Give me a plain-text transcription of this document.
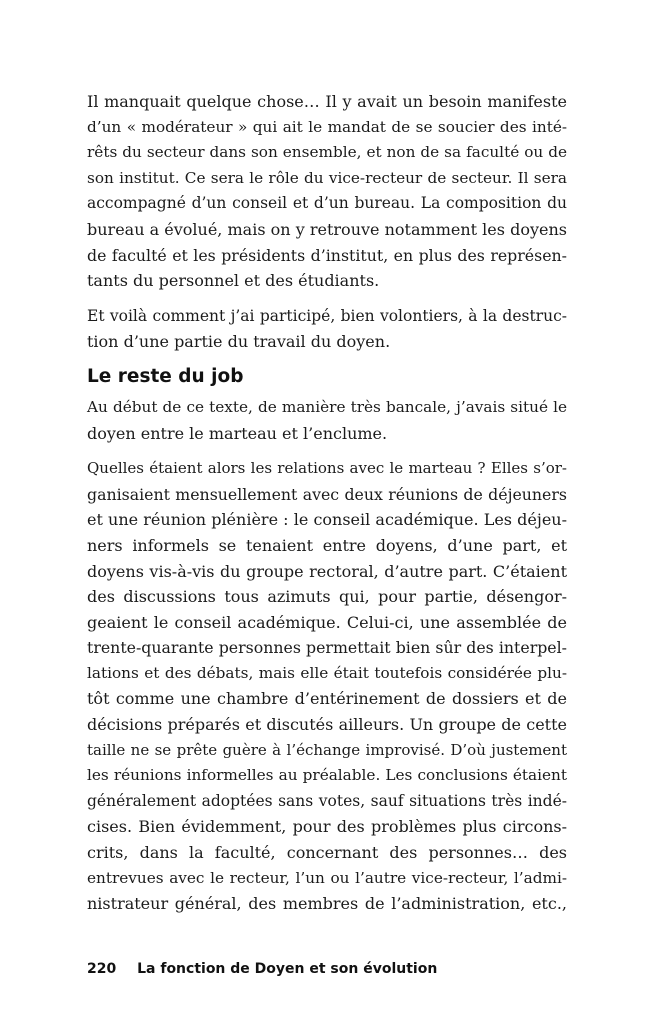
Il manquait quelque chose… Il y avait un besoin manifeste
d’un « modérateur » qui ait le mandat de se soucier des inté-
rêts du secteur dans son ensemble, et non de sa faculté ou de
son institut. Ce sera le rôle du vice-recteur de secteur. Il sera
accompagné d’un conseil et d’un bureau. La composition du
bureau a évolué, mais on y retrouve notamment les doyens
de faculté et les présidents d’institut, en plus des représen-
tants du personnel et des étudiants.
Et voilà comment j’ai participé, bien volontiers, à la destruc-
tion d’une partie du travail du doyen.
Le reste du job
Au début de ce texte, de manière très bancale, j’avais situé le
doyen entre le marteau et l’enclume.
Quelles étaient alors les relations avec le marteau ? Elles s’or-
ganisaient mensuellement avec deux réunions de déjeuners
et une réunion plénière : le conseil académique. Les déjeu-
ners informels se tenaient entre doyens, d’une part, et
doyens vis-à-vis du groupe rectoral, d’autre part. C’étaient
des discussions tous azimuts qui, pour partie, désengor-
geaient le conseil académique. Celui-ci, une assemblée de
trente-quarante personnes permettait bien sûr des interpel-
lations et des débats, mais elle était toutefois considérée plu-
tôt comme une chambre d’entérinement de dossiers et de
décisions préparés et discutés ailleurs. Un groupe de cette
taille ne se prête guère à l’échange improvisé. D’où justement
les réunions informelles au préalable. Les conclusions étaient
généralement adoptées sans votes, sauf situations très indé-
cises. Bien évidemment, pour des problèmes plus circons-
crits, dans la faculté, concernant des personnes… des
entrevues avec le recteur, l’un ou l’autre vice-recteur, l’admi-
nistrateur général, des membres de l’administration, etc.,
220 La fonction de Doyen et son évolution
